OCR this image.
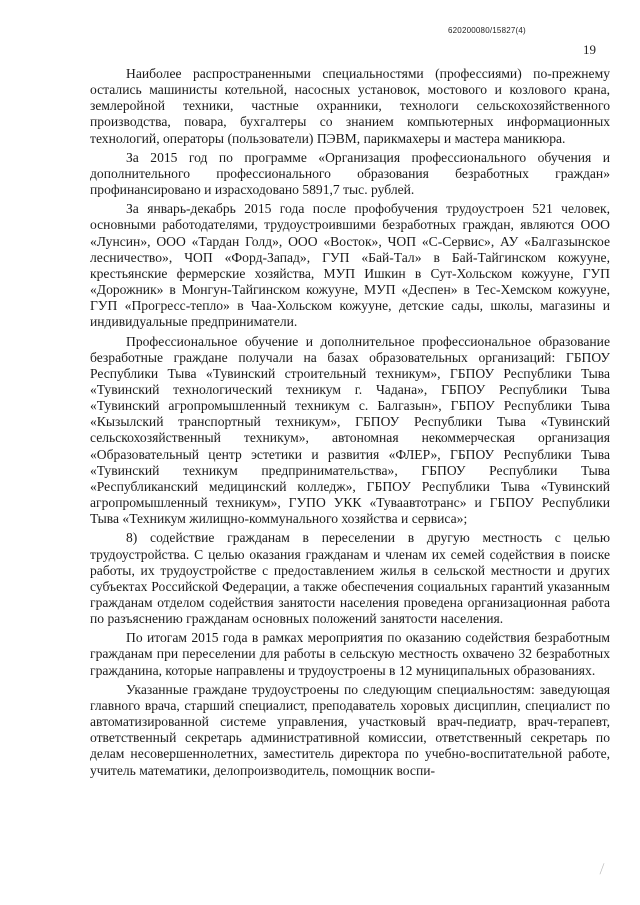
620200080/15827(4)
19

Наиболее распространенными специальностями (профессиями) по-прежнему остались машинисты котельной, насосных установок, мостового и козлового крана, землеройной техники, частные охранники, технологи сельскохозяйственного производства, повара, бухгалтеры со знанием компьютерных информационных технологий, операторы (пользователи) ПЭВМ, парикмахеры и мастера маникюра.

За 2015 год по программе «Организация профессионального обучения и дополнительного профессионального образования безработных граждан» профинансировано и израсходовано 5891,7 тыс. рублей.

За январь-декабрь 2015 года после профобучения трудоустроен 521 человек, основными работодателями, трудоустроившими безработных граждан, являются ООО «Лунсин», ООО «Тардан Голд», ООО «Восток», ЧОП «С-Сервис», АУ «Балгазынское лесничество», ЧОП «Форд-Запад», ГУП «Бай-Тал» в Бай-Тайгинском кожууне, крестьянские фермерские хозяйства, МУП Ишкин в Сут-Хольском кожууне, ГУП «Дорожник» в Монгун-Тайгинском кожууне, МУП «Деспен» в Тес-Хемском кожууне, ГУП «Прогресс-тепло» в Чаа-Хольском кожууне, детские сады, школы, магазины и индивидуальные предприниматели.

Профессиональное обучение и дополнительное профессиональное образование безработные граждане получали на базах образовательных организаций: ГБПОУ Республики Тыва «Тувинский строительный техникум», ГБПОУ Республики Тыва «Тувинский технологический техникум г. Чадана», ГБПОУ Республики Тыва «Тувинский агропромышленный техникум с. Балгазын», ГБПОУ Республики Тыва «Кызылский транспортный техникум», ГБПОУ Республики Тыва «Тувинский сельскохозяйственный техникум», автономная некоммерческая организация «Образовательный центр эстетики и развития «ФЛЕР», ГБПОУ Республики Тыва «Тувинский техникум предпринимательства», ГБПОУ Республики Тыва «Республиканский медицинский колледж», ГБПОУ Республики Тыва «Тувинский агропромышленный техникум», ГУПО УКК «Туваавтотранс» и ГБПОУ Республики Тыва «Техникум жилищно-коммунального хозяйства и сервиса»;

8) содействие гражданам в переселении в другую местность с целью трудоустройства. С целью оказания гражданам и членам их семей содействия в поиске работы, их трудоустройстве с предоставлением жилья в сельской местности и других субъектах Российской Федерации, а также обеспечения социальных гарантий указанным гражданам отделом содействия занятости населения проведена организационная работа по разъяснению гражданам основных положений занятости населения.

По итогам 2015 года в рамках мероприятия по оказанию содействия безработным гражданам при переселении для работы в сельскую местность охвачено 32 безработных гражданина, которые направлены и трудоустроены в 12 муниципальных образованиях.

Указанные граждане трудоустроены по следующим специальностям: заведующая главного врача, старший специалист, преподаватель хоровых дисциплин, специалист по автоматизированной системе управления, участковый врач-педиатр, врач-терапевт, ответственный секретарь административной комиссии, ответственный секретарь по делам несовершеннолетних, заместитель директора по учебно-воспитательной работе, учитель математики, делопроизводитель, помощник воспи-

⟋
